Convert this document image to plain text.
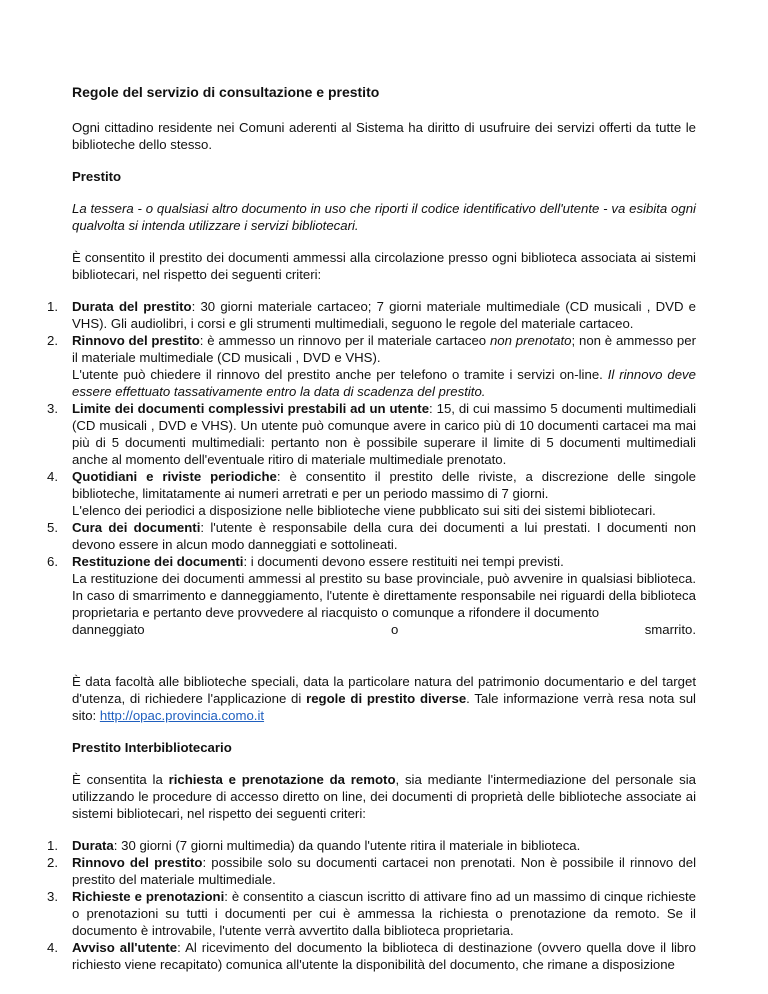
Regole del servizio di consultazione e prestito

Ogni cittadino residente nei Comuni aderenti al Sistema ha diritto di usufruire dei servizi offerti da tutte le biblioteche dello stesso.

Prestito

La tessera - o qualsiasi altro documento in uso che riporti il codice identificativo dell'utente - va esibita ogni qualvolta si intenda utilizzare i servizi bibliotecari.

È consentito il prestito dei documenti ammessi alla circolazione presso ogni biblioteca associata ai sistemi bibliotecari, nel rispetto dei seguenti criteri:

1. Durata del prestito: 30 giorni materiale cartaceo; 7 giorni materiale multimediale (CD musicali , DVD e VHS). Gli audiolibri, i corsi e gli strumenti multimediali, seguono le regole del materiale cartaceo.
2. Rinnovo del prestito: è ammesso un rinnovo per il materiale cartaceo non prenotato; non è ammesso per il materiale multimediale (CD musicali , DVD e VHS).
L'utente può chiedere il rinnovo del prestito anche per telefono o tramite i servizi on-line. Il rinnovo deve essere effettuato tassativamente entro la data di scadenza del prestito.
3. Limite dei documenti complessivi prestabili ad un utente: 15, di cui massimo 5 documenti multimediali (CD musicali , DVD e VHS). Un utente può comunque avere in carico più di 10 documenti cartacei ma mai più di 5 documenti multimediali: pertanto non è possibile superare il limite di 5 documenti multimediali anche al momento dell'eventuale ritiro di materiale multimediale prenotato.
4. Quotidiani e riviste periodiche: è consentito il prestito delle riviste, a discrezione delle singole biblioteche, limitatamente ai numeri arretrati e per un periodo massimo di 7 giorni.
L'elenco dei periodici a disposizione nelle biblioteche viene pubblicato sui siti dei sistemi bibliotecari.
5. Cura dei documenti: l'utente è responsabile della cura dei documenti a lui prestati. I documenti non devono essere in alcun modo danneggiati e sottolineati.
6. Restituzione dei documenti: i documenti devono essere restituiti nei tempi previsti.
La restituzione dei documenti ammessi al prestito su base provinciale, può avvenire in qualsiasi biblioteca. In caso di smarrimento e danneggiamento, l'utente è direttamente responsabile nei riguardi della biblioteca proprietaria e pertanto deve provvedere al riacquisto o comunque a rifondere il documento
danneggiato	o	smarrito.

È data facoltà alle biblioteche speciali, data la particolare natura del patrimonio documentario e del target d'utenza, di richiedere l'applicazione di regole di prestito diverse. Tale informazione verrà resa nota sul sito: http://opac.provincia.como.it

Prestito Interbibliotecario

È consentita la richiesta e prenotazione da remoto, sia mediante l'intermediazione del personale sia utilizzando le procedure di accesso diretto on line, dei documenti di proprietà delle biblioteche associate ai sistemi bibliotecari, nel rispetto dei seguenti criteri:

1. Durata: 30 giorni (7 giorni multimedia) da quando l'utente ritira il materiale in biblioteca.
2. Rinnovo del prestito: possibile solo su documenti cartacei non prenotati. Non è possibile il rinnovo del prestito del materiale multimediale.
3. Richieste e prenotazioni: è consentito a ciascun iscritto di attivare fino ad un massimo di cinque richieste o prenotazioni su tutti i documenti per cui è ammessa la richiesta o prenotazione da remoto. Se il documento è introvabile, l'utente verrà avvertito dalla biblioteca proprietaria.
4. Avviso all'utente: Al ricevimento del documento la biblioteca di destinazione (ovvero quella dove il libro richiesto viene recapitato) comunica all'utente la disponibilità del documento, che rimane a disposizione
